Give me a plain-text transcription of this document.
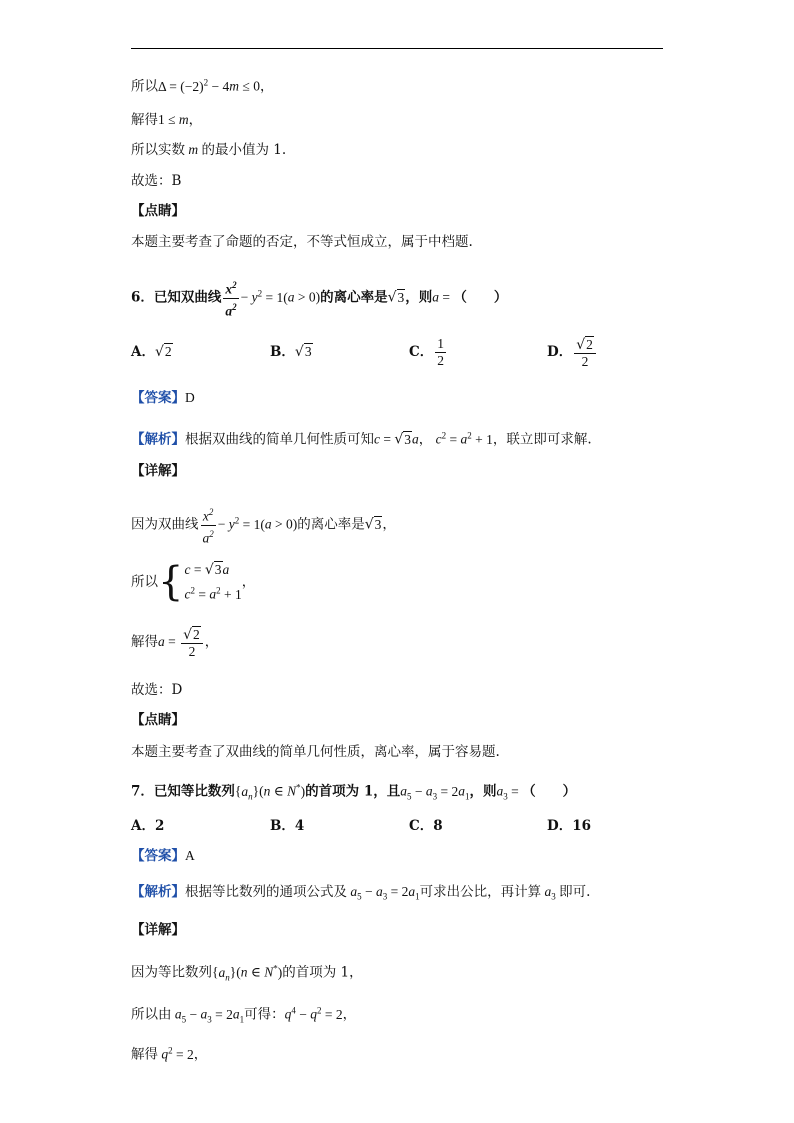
所以$\Delta = (-2)^2 - 4m \le 0$，
解得1 ≤ m，
所以实数 m 的最小值为 1.
故选：B
【点睛】
本题主要考查了命题的否定，不等式恒成立，属于中档题.
6．已知双曲线 $\frac{x^2}{a^2} - y^2 = 1(a > 0)$的离心率是√3，则a = （　　）
A．√2	B．√3	C． $\frac{1}{2}$	D． $\frac{√2}{2}$
【答案】D
【解析】根据双曲线的简单几何性质可知c = √3a， $c^2 = a^2 + 1$，联立即可求解.
【详解】
因为双曲线 $\frac{x^2}{a^2} - y^2 = 1(a > 0)$的离心率是√3，
所以{ c = √3a
$c^2 = a^2 + 1$
，
解得$a = \frac{√2}{2}$ ，
故选：D
【点睛】
本题主要考查了双曲线的简单几何性质，离心率，属于容易题.
7．已知等比数列$\{a_n\}(n$ ∈ N*)的首项为 1，且$a_5 - a_3 = 2a_1$，则$a_3$ = （　　）
A．2	B．4	C．8	D．16
【答案】A
【解析】根据等比数列的通项公式及 $a_5 - a_3 = 2a_1$可求出公比，再计算 $a_3$ 即可.
【详解】
因为等比数列$\{a_n\}(n$ ∈ N*)的首项为 1，
所以由 $a_5 - a_3 = 2a_1$可得：$q^4 - q^2 = 2$，
解得 $q^2 = 2$，
